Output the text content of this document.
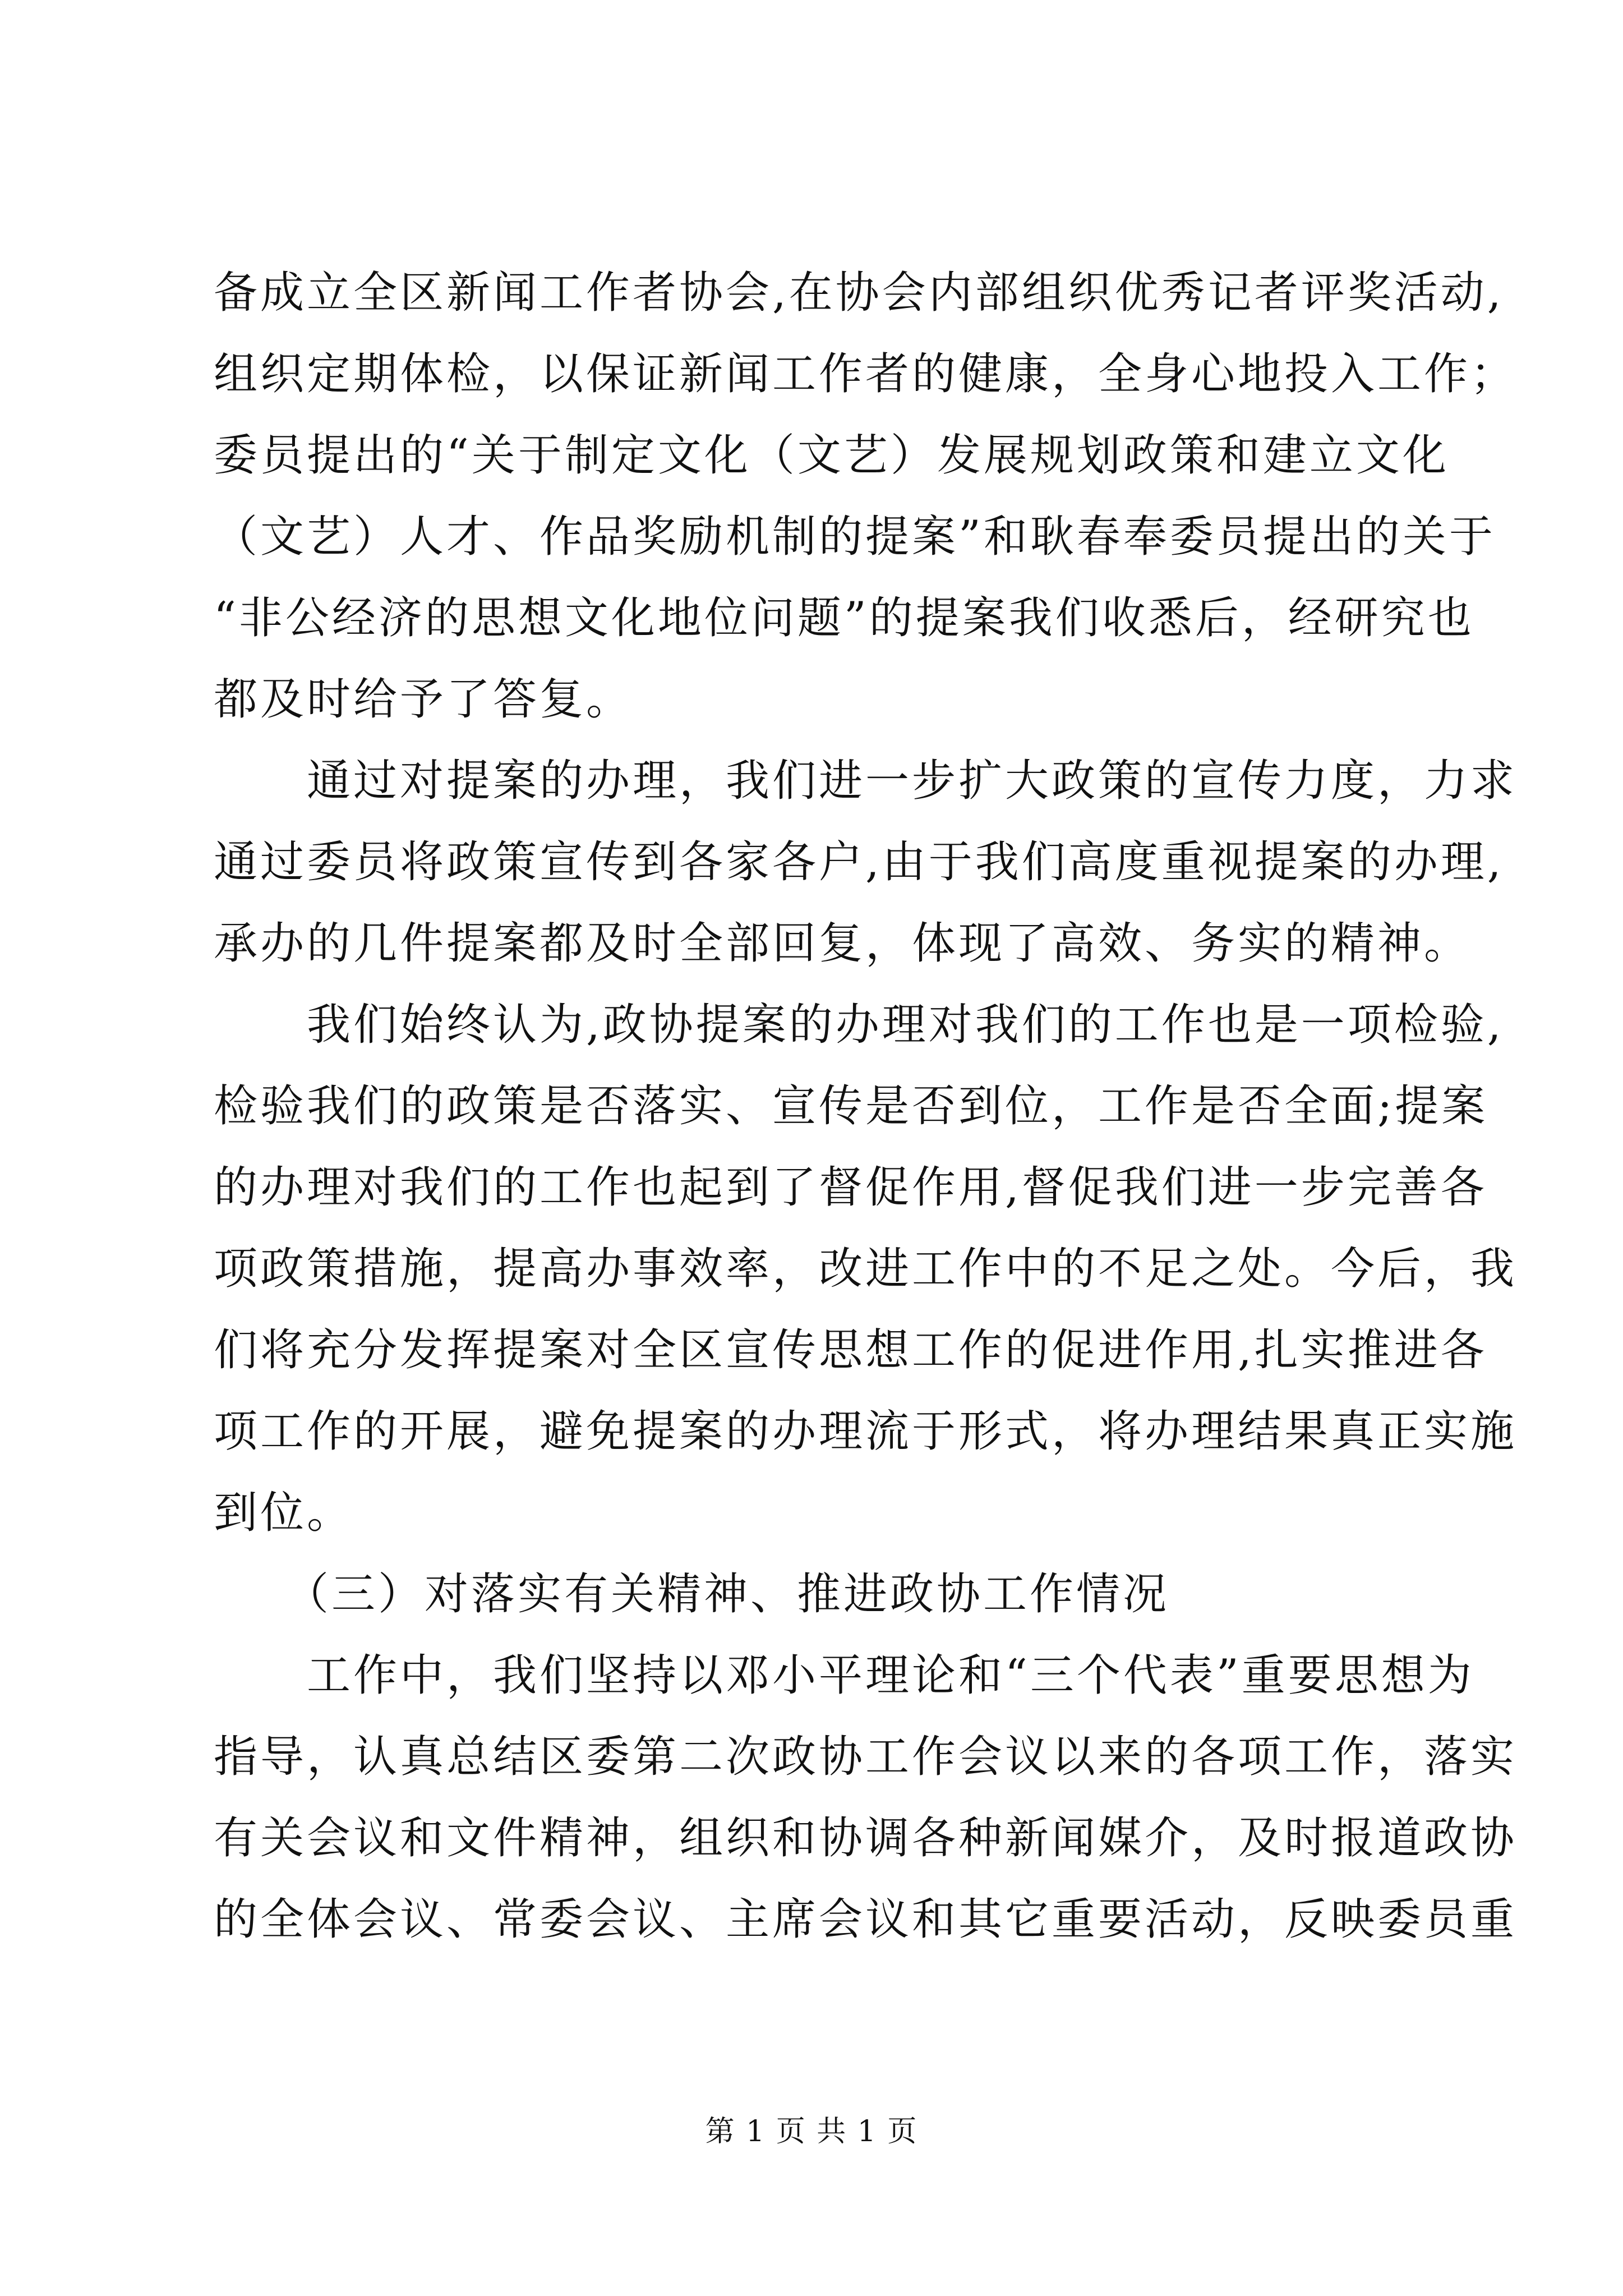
备成立全区新闻工作者协会,在协会内部组织优秀记者评奖活动,
组织定期体检，以保证新闻工作者的健康，全身心地投入工作；
委员提出的“关于制定文化（文艺）发展规划政策和建立文化
（文艺）人才、作品奖励机制的提案”和耿春奉委员提出的关于
“非公经济的思想文化地位问题”的提案我们收悉后，经研究也
都及时给予了答复。
　　通过对提案的办理，我们进一步扩大政策的宣传力度，力求
通过委员将政策宣传到各家各户,由于我们高度重视提案的办理,
承办的几件提案都及时全部回复，体现了高效、务实的精神。
　　我们始终认为,政协提案的办理对我们的工作也是一项检验,
检验我们的政策是否落实、宣传是否到位，工作是否全面;提案
的办理对我们的工作也起到了督促作用,督促我们进一步完善各
项政策措施，提高办事效率，改进工作中的不足之处。今后，我
们将充分发挥提案对全区宣传思想工作的促进作用,扎实推进各
项工作的开展，避免提案的办理流于形式，将办理结果真正实施
到位。
　　（三）对落实有关精神、推进政协工作情况
　　工作中，我们坚持以邓小平理论和“三个代表”重要思想为
指导，认真总结区委第二次政协工作会议以来的各项工作，落实
有关会议和文件精神，组织和协调各种新闻媒介，及时报道政协
的全体会议、常委会议、主席会议和其它重要活动，反映委员重
第 1 页 共 1 页
